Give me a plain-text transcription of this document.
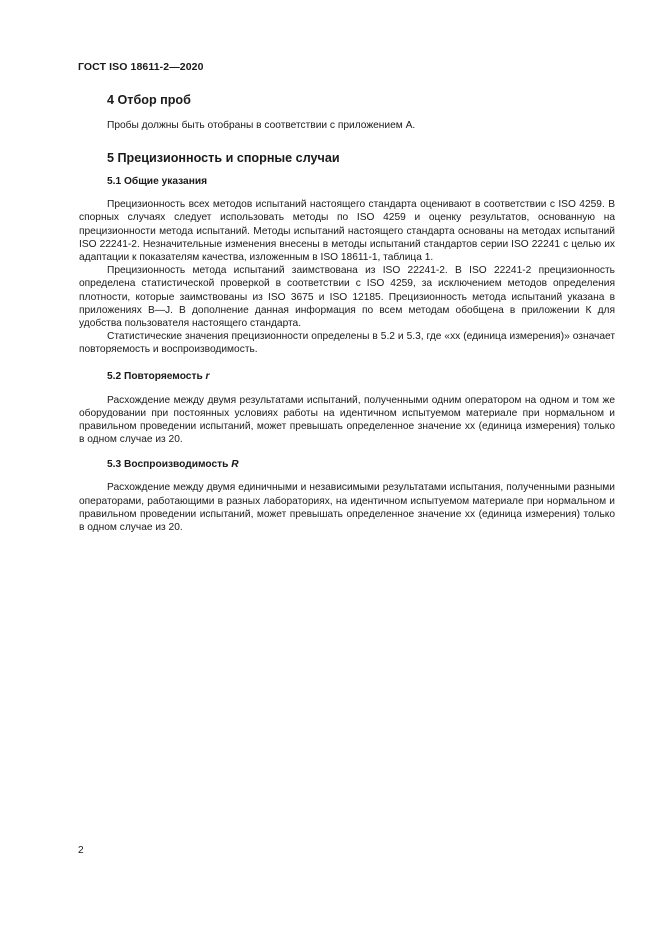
ГОСТ ISO 18611-2—2020
4 Отбор проб

Пробы должны быть отобраны в соответствии с приложением А.

5 Прецизионность и спорные случаи
5.1 Общие указания

Прецизионность всех методов испытаний настоящего стандарта оценивают в соответствии с ISO 4259. В спорных случаях следует использовать методы по ISO 4259 и оценку результатов, основанную на прецизионности метода испытаний. Методы испытаний настоящего стандарта основаны на методах испытаний ISO 22241-2. Незначительные изменения внесены в методы испытаний стандартов серии ISO 22241 с целью их адаптации к показателям качества, изложенным в ISO 18611-1, таблица 1.

Прецизионность метода испытаний заимствована из ISO 22241-2. В ISO 22241-2 прецизионность определена статистической проверкой в соответствии с ISO 4259, за исключением методов определения плотности, которые заимствованы из ISO 3675 и ISO 12185. Прецизионность метода испытаний указана в приложениях В—J. В дополнение данная информация по всем методам обобщена в приложении К для удобства пользователя настоящего стандарта.

Статистические значения прецизионности определены в 5.2 и 5.3, где «хх (единица измерения)» означает повторяемость и воспроизводимость.

5.2 Повторяемость r

Расхождение между двумя результатами испытаний, полученными одним оператором на одном и том же оборудовании при постоянных условиях работы на идентичном испытуемом материале при нормальном и правильном проведении испытаний, может превышать определенное значение хх (единица измерения) только в одном случае из 20.

5.3 Воспроизводимость R

Расхождение между двумя единичными и независимыми результатами испытания, полученными разными операторами, работающими в разных лабораториях, на идентичном испытуемом материале при нормальном и правильном проведении испытаний, может превышать определенное значение хх (единица измерения) только в одном случае из 20.

2
